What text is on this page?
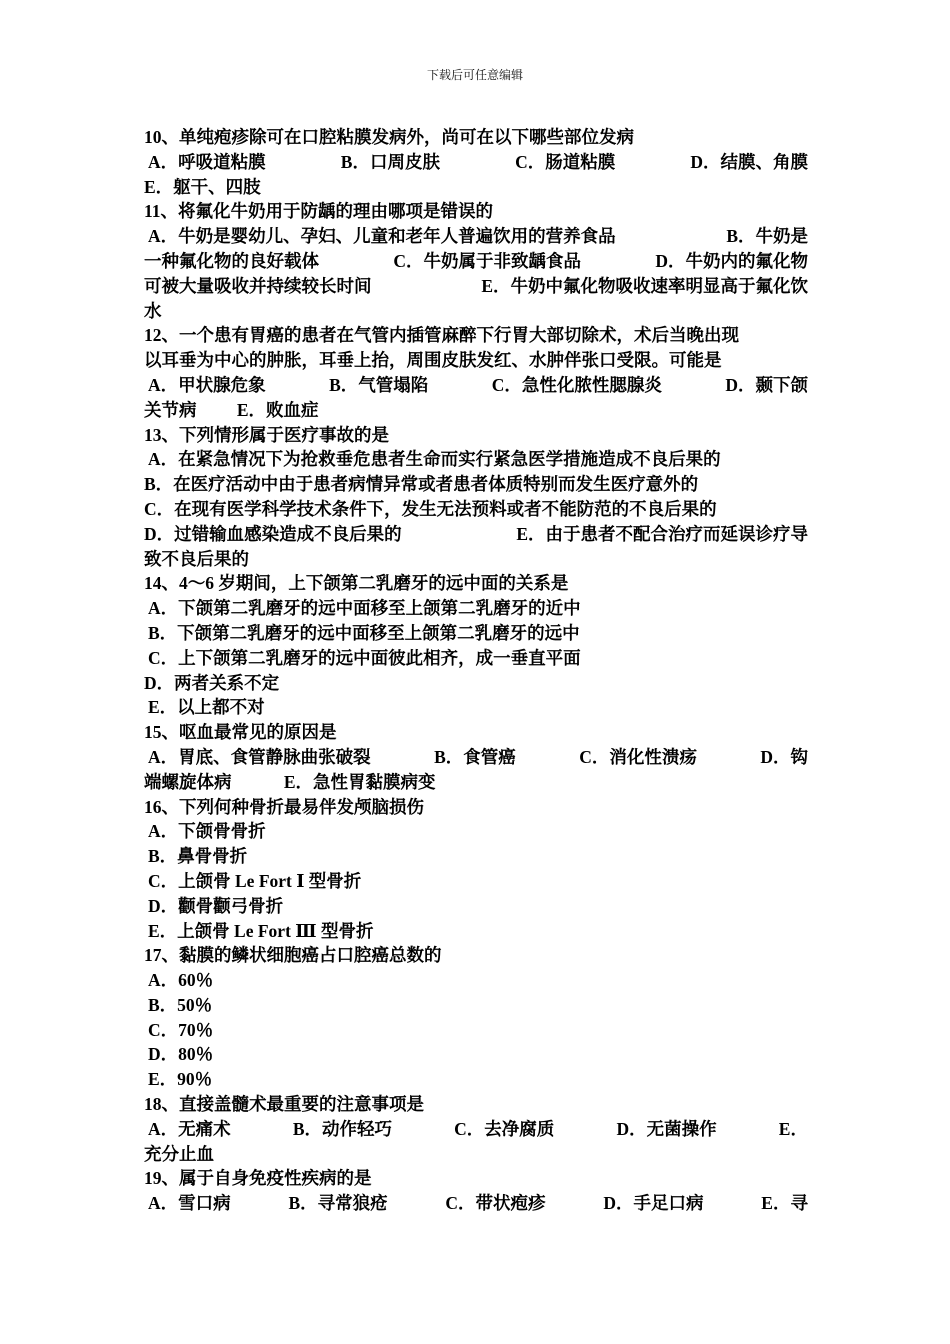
下载后可任意编辑
10、单纯疱疹除可在口腔粘膜发病外，尚可在以下哪些部位发病
A．呼吸道粘膜	B．口周皮肤	C．肠道粘膜	D．结膜、角膜
E．躯干、四肢
11、将氟化牛奶用于防龋的理由哪项是错误的
A．牛奶是婴幼儿、孕妇、儿童和老年人普遍饮用的营养食品	B．牛奶是
一种氟化物的良好载体	C．牛奶属于非致龋食品	D．牛奶内的氟化物
可被大量吸收并持续较长时间	E．牛奶中氟化物吸收速率明显高于氟化饮
水
12、一个患有胃癌的患者在气管内插管麻醉下行胃大部切除术，术后当晚出现
以耳垂为中心的肿胀，耳垂上抬，周围皮肤发红、水肿伴张口受限。可能是
A．甲状腺危象	B．气管塌陷	C．急性化脓性腮腺炎	D．颞下颌
关节病 E．败血症
13、下列情形属于医疗事故的是
A．在紧急情况下为抢救垂危患者生命而实行紧急医学措施造成不良后果的
B．在医疗活动中由于患者病情异常或者患者体质特别而发生医疗意外的
C．在现有医学科学技术条件下，发生无法预料或者不能防范的不良后果的
D．过错输血感染造成不良后果的	E．由于患者不配合治疗而延误诊疗导
致不良后果的
14、4～6 岁期间，上下颌第二乳磨牙的远中面的关系是
A．下颌第二乳磨牙的远中面移至上颌第二乳磨牙的近中
B．下颌第二乳磨牙的远中面移至上颌第二乳磨牙的远中
C．上下颌第二乳磨牙的远中面彼此相齐，成一垂直平面
D．两者关系不定
E．以上都不对
15、呕血最常见的原因是
A．胃底、食管静脉曲张破裂	B．食管癌	C．消化性溃疡	D．钩
端螺旋体病	E．急性胃黏膜病变
16、下列何种骨折最易伴发颅脑损伤
A．下颌骨骨折
B．鼻骨骨折
C．上颌骨 Le Fort Ⅰ 型骨折
D．颧骨颧弓骨折
E．上颌骨 Le Fort Ⅲ 型骨折
17、黏膜的鳞状细胞癌占口腔癌总数的
A．60％
B．50％
C．70％
D．80％
E．90％
18、直接盖髓术最重要的注意事项是
A．无痛术	B．动作轻巧	C．去净腐质	D．无菌操作	E．
充分止血
19、属于自身免疫性疾病的是
A．雪口病	B．寻常狼疮	C．带状疱疹	D．手足口病	E．寻
